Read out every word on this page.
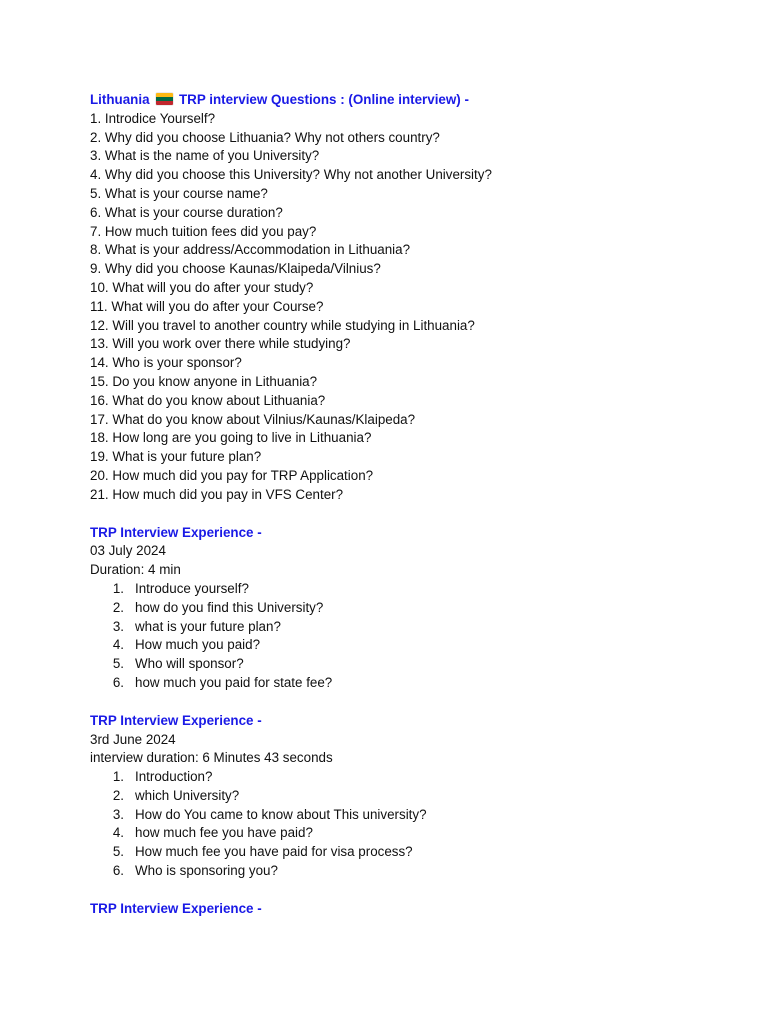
Lithuania TRP interview Questions : (Online interview) -
1. Introdice Yourself?
2. Why did you choose Lithuania? Why not others country?
3. What is the name of you University?
4. Why did you choose this University? Why not another University?
5. What is your course name?
6. What is your course duration?
7. How much tuition fees did you pay?
8. What is your address/Accommodation in Lithuania?
9. Why did you choose Kaunas/Klaipeda/Vilnius?
10. What will you do after your study?
11. What will you do after your Course?
12. Will you travel to another country while studying in Lithuania?
13. Will you work over there while studying?
14. Who is your sponsor?
15. Do you know anyone in Lithuania?
16. What do you know about Lithuania?
17. What do you know about Vilnius/Kaunas/Klaipeda?
18. How long are you going to live in Lithuania?
19. What is your future plan?
20. How much did you pay for TRP Application?
21. How much did you pay in VFS Center?
TRP Interview Experience -
03 July 2024
Duration: 4 min
1. Introduce yourself?
2. how do you find this University?
3. what is your future plan?
4. How much you paid?
5. Who will sponsor?
6. how much you paid for state fee?
TRP Interview Experience -
3rd June 2024
interview duration: 6 Minutes 43 seconds
1. Introduction?
2. which University?
3. How do You came to know about This university?
4. how much fee you have paid?
5. How much fee you have paid for visa process?
6. Who is sponsoring you?
TRP Interview Experience -
